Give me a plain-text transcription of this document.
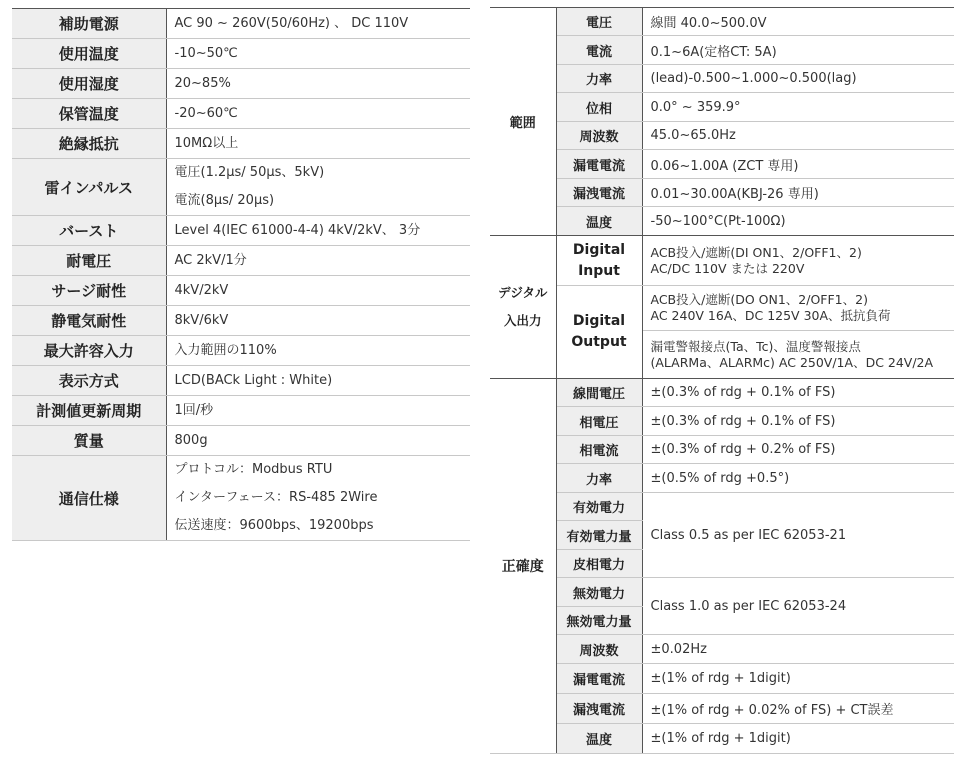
補助電源	AC 90 ~ 260V(50/60Hz) 、 DC 110V

使用温度	-10~50℃

使用湿度	20~85%

保管温度	-20~60℃

絶縁抵抗	10MΩ以上

雷インパルス	電圧(1.2μs/ 50μs、5kV)
電流(8μs/ 20μs)

バースト	Level 4(IEC 61000-4-4) 4kV/2kV、 3分

耐電圧	AC 2kV/1分

サージ耐性	4kV/2kV

静電気耐性	8kV/6kV

最大許容入力	入力範囲の110%

表示方式	LCD(BACk Light : White)

計測値更新周期	1回/秒

質量	800g

通信仕様	プロトコル：Modbus RTU
インターフェース：RS-485 2Wire
伝送速度：9600bps、19200bps
範囲	電圧	線間 40.0~500.0V
	電流	0.1~6A(定格CT: 5A)
	力率	(lead)-0.500~1.000~0.500(lag)
	位相	0.0° ~ 359.9°
	周波数	45.0~65.0Hz
	漏電電流	0.06~1.00A (ZCT 専用)
	漏洩電流	0.01~30.00A(KBJ-26 専用)
	温度	-50~100°C(Pt-100Ω)
デジタル入出力	Digital Input	ACB投入/遮断(DI ON1、2/OFF1、2)
AC/DC 110V または 220V

	Digital Output	ACB投入/遮断(DO ON1、2/OFF1、2)
AC 240V 16A、DC 125V 30A、抵抗負荷

		漏電警報接点(Ta、Tc)、温度警報接点
(ALARMa、ALARMc) AC 250V/1A、DC 24V/2A

正確度	線間電圧	±(0.3% of rdg + 0.1% of FS)
	相電圧	±(0.3% of rdg + 0.1% of FS)
	相電流	±(0.3% of rdg + 0.2% of FS)
	力率	±(0.5% of rdg +0.5°)
	有効電力	Class 0.5 as per IEC 62053-21
	有効電力量	
	皮相電力	
	無効電力	Class 1.0 as per IEC 62053-24
	無効電力量	
	周波数	±0.02Hz
	漏電電流	±(1% of rdg + 1digit)
	漏洩電流	±(1% of rdg + 0.02% of FS) + CT誤差
	温度	±(1% of rdg + 1digit)
